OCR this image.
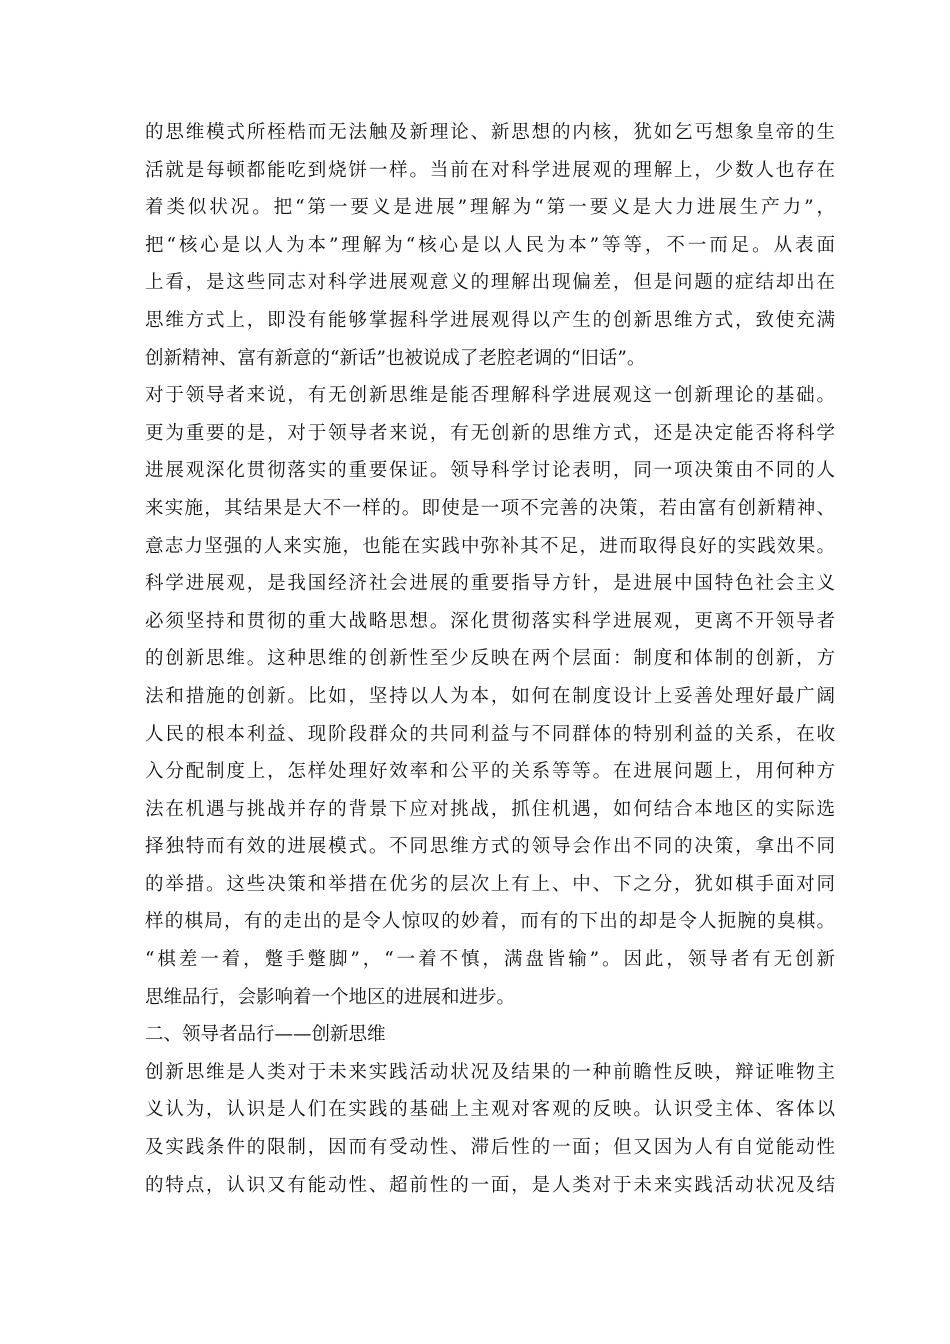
的思维模式所桎梏而无法触及新理论、新思想的内核，犹如乞丐想象皇帝的生
活就是每顿都能吃到烧饼一样。当前在对科学进展观的理解上，少数人也存在
着类似状况。把“第一要义是进展”理解为“第一要义是大力进展生产力”，
把“核心是以人为本”理解为“核心是以人民为本”等等，不一而足。从表面
上看，是这些同志对科学进展观意义的理解出现偏差，但是问题的症结却出在
思维方式上，即没有能够掌握科学进展观得以产生的创新思维方式，致使充满
创新精神、富有新意的“新话”也被说成了老腔老调的“旧话”。
对于领导者来说，有无创新思维是能否理解科学进展观这一创新理论的基础。
更为重要的是，对于领导者来说，有无创新的思维方式，还是决定能否将科学
进展观深化贯彻落实的重要保证。领导科学讨论表明，同一项决策由不同的人
来实施，其结果是大不一样的。即使是一项不完善的决策，若由富有创新精神、
意志力坚强的人来实施，也能在实践中弥补其不足，进而取得良好的实践效果。
科学进展观，是我国经济社会进展的重要指导方针，是进展中国特色社会主义
必须坚持和贯彻的重大战略思想。深化贯彻落实科学进展观，更离不开领导者
的创新思维。这种思维的创新性至少反映在两个层面：制度和体制的创新，方
法和措施的创新。比如，坚持以人为本，如何在制度设计上妥善处理好最广阔
人民的根本利益、现阶段群众的共同利益与不同群体的特别利益的关系，在收
入分配制度上，怎样处理好效率和公平的关系等等。在进展问题上，用何种方
法在机遇与挑战并存的背景下应对挑战，抓住机遇，如何结合本地区的实际选
择独特而有效的进展模式。不同思维方式的领导会作出不同的决策，拿出不同
的举措。这些决策和举措在优劣的层次上有上、中、下之分，犹如棋手面对同
样的棋局，有的走出的是令人惊叹的妙着，而有的下出的却是令人扼腕的臭棋。
“棋差一着，蹩手蹩脚”，“一着不慎，满盘皆输”。因此，领导者有无创新
思维品行，会影响着一个地区的进展和进步。
二、领导者品行——创新思维
创新思维是人类对于未来实践活动状况及结果的一种前瞻性反映，辩证唯物主
义认为，认识是人们在实践的基础上主观对客观的反映。认识受主体、客体以
及实践条件的限制，因而有受动性、滞后性的一面；但又因为人有自觉能动性
的特点，认识又有能动性、超前性的一面，是人类对于未来实践活动状况及结
